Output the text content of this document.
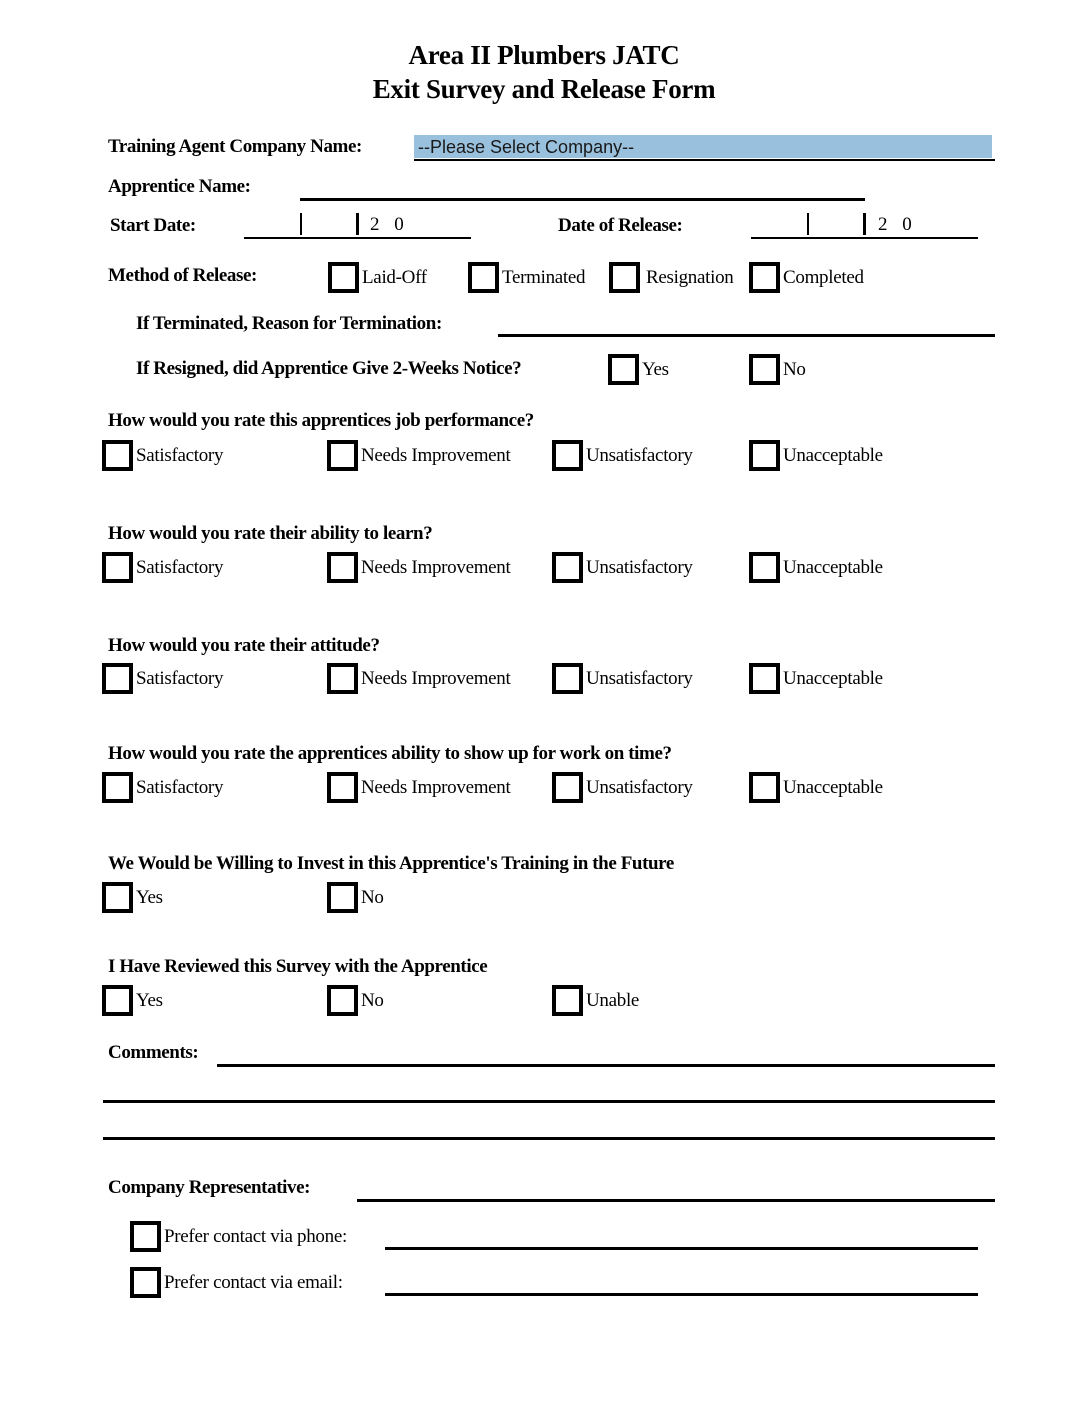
Area II Plumbers JATC
Exit Survey and Release Form
Training Agent Company Name:	--Please Select Company--
Apprentice Name:
Start Date:	2 0	Date of Release:	2 0
Method of Release:	Laid-Off	Terminated	Resignation	Completed
If Terminated, Reason for Termination:
If Resigned, did Apprentice Give 2-Weeks Notice?	Yes	No
How would you rate this apprentices job performance?
Satisfactory	Needs Improvement	Unsatisfactory	Unacceptable
How would you rate their ability to learn?
Satisfactory	Needs Improvement	Unsatisfactory	Unacceptable
How would you rate their attitude?
Satisfactory	Needs Improvement	Unsatisfactory	Unacceptable
How would you rate the apprentices ability to show up for work on time?
Satisfactory	Needs Improvement	Unsatisfactory	Unacceptable
We Would be Willing to Invest in this Apprentice's Training in the Future
Yes	No
I Have Reviewed this Survey with the Apprentice
Yes	No	Unable
Comments:
Company Representative:
Prefer contact via phone:
Prefer contact via email:
